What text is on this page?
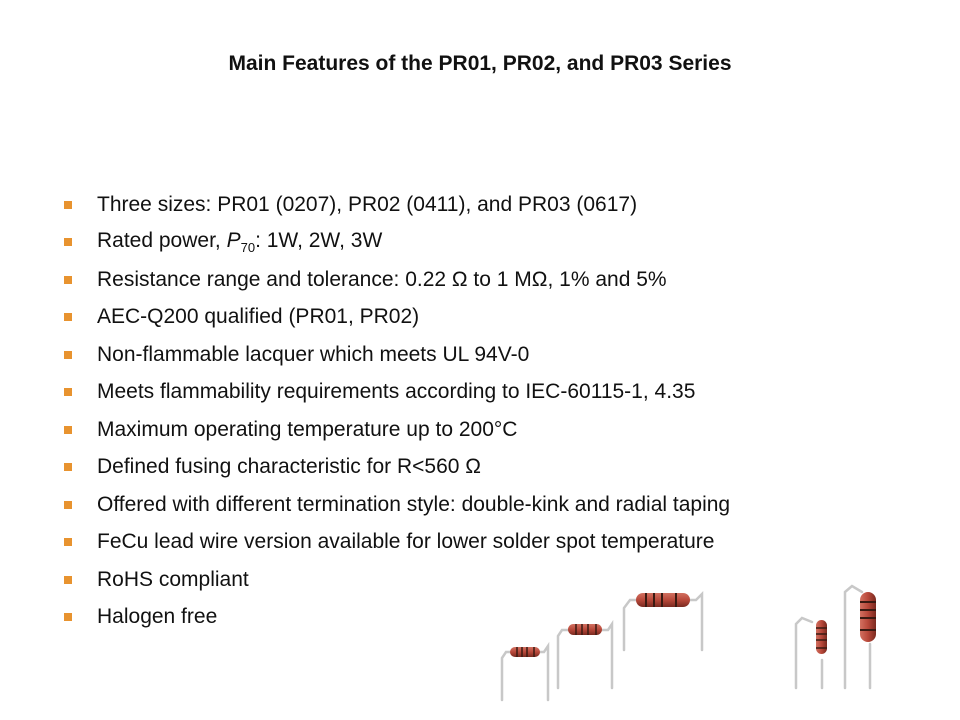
Main Features of the PR01, PR02, and PR03 Series
Three sizes: PR01 (0207), PR02 (0411), and PR03 (0617)
Rated power, $P_{70}$: 1W, 2W, 3W
Resistance range and tolerance: 0.22 Ω to 1 MΩ, 1% and 5%
AEC-Q200 qualified (PR01, PR02)
Non-flammable lacquer which meets UL 94V-0
Meets flammability requirements according to IEC-60115-1, 4.35
Maximum operating temperature up to 200°C
Defined fusing characteristic for R<560 Ω
Offered with different termination style: double-kink and radial taping
FeCu lead wire version available for lower solder spot temperature
RoHS compliant
Halogen free
